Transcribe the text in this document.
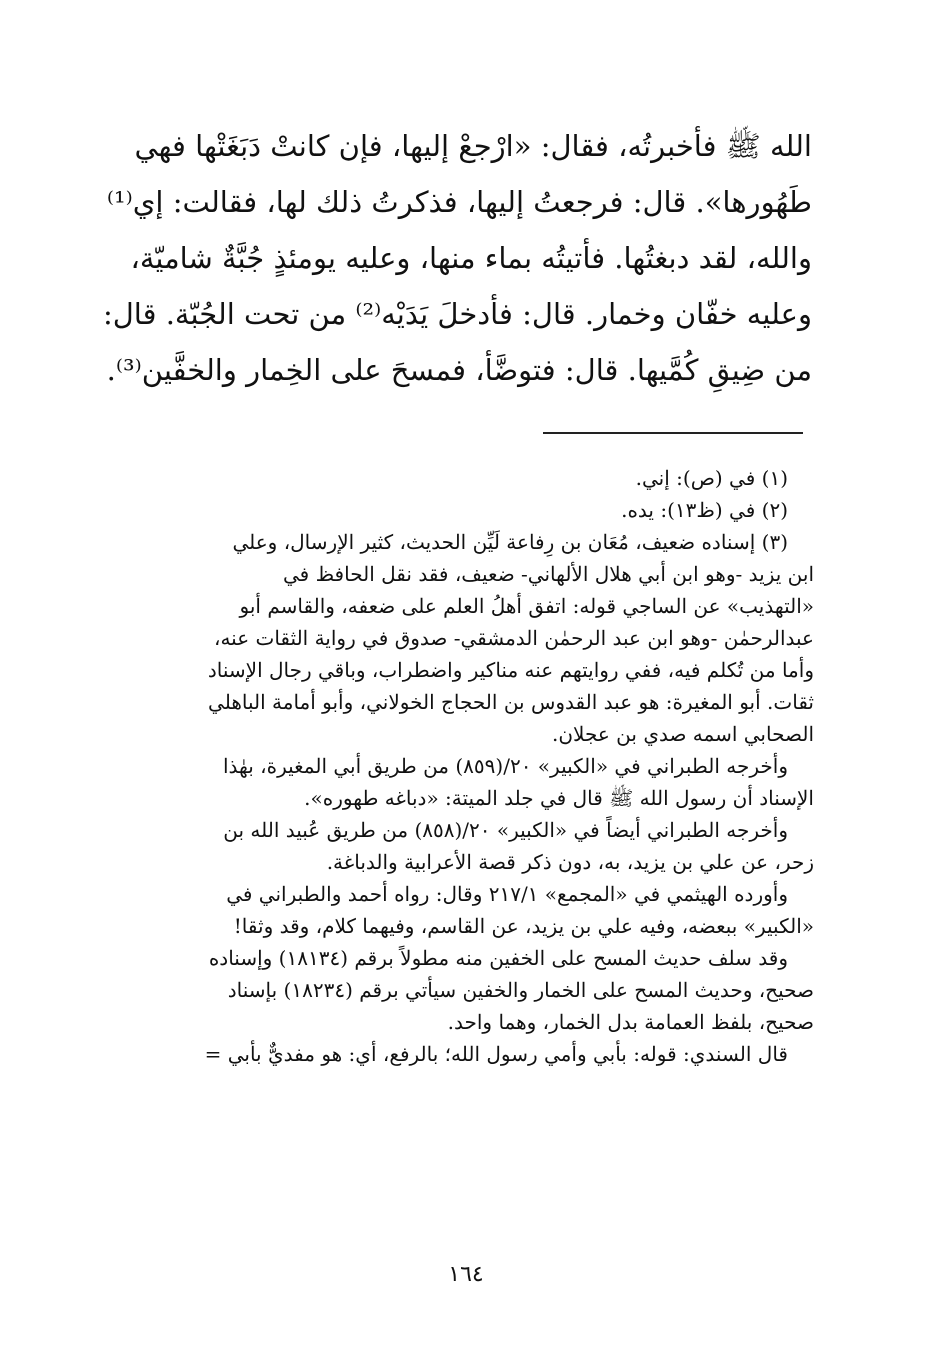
الله ﷺ فأخبرتُه، فقال: «ارْجعْ إليها، فإن كانتْ دَبَغَتْها فهي
طَهُورها». قال: فرجعتُ إليها، فذكرتُ ذلك لها، فقالت: إي⁽¹⁾
والله، لقد دبغتُها. فأتيتُه بماء منها، وعليه يومئذٍ جُبَّةٌ شاميّة،
وعليه خفّان وخمار. قال: فأدخلَ يَدَيْه⁽²⁾ من تحت الجُبّة. قال:
من ضِيقِ كُمَّيها. قال: فتوضَّأ، فمسحَ على الخِمار والخفَّين⁽³⁾.
(١) في (ص): إني.
(٢) في (ظ١٣): يده.
(٣) إسناده ضعيف، مُعَان بن رِفاعة لَيِّن الحديث، كثير الإرسال، وعلي
ابن يزيد -وهو ابن أبي هلال الألهاني- ضعيف، فقد نقل الحافظ في
«التهذيب» عن الساجي قوله: اتفق أهلُ العلم على ضعفه، والقاسم أبو
عبدالرحمٰن -وهو ابن عبد الرحمٰن الدمشقي- صدوق في رواية الثقات عنه،
وأما من تُكلم فيه، ففي روايتهم عنه مناكير واضطراب، وباقي رجال الإسناد
ثقات. أبو المغيرة: هو عبد القدوس بن الحجاج الخولاني، وأبو أمامة الباهلي
الصحابي اسمه صدي بن عجلان.
وأخرجه الطبراني في «الكبير» ٢٠/(٨٥٩) من طريق أبي المغيرة، بهٰذا
الإسناد أن رسول الله ﷺ قال في جلد الميتة: «دباغه طهوره».
وأخرجه الطبراني أيضاً في «الكبير» ٢٠/(٨٥٨) من طريق عُبيد الله بن
زحر، عن علي بن يزيد، به، دون ذكر قصة الأعرابية والدباغة.
وأورده الهيثمي في «المجمع» ٢١٧/١ وقال: رواه أحمد والطبراني في
«الكبير» ببعضه، وفيه علي بن يزيد، عن القاسم، وفيهما كلام، وقد وثقا!
وقد سلف حديث المسح على الخفين منه مطولاً برقم (١٨١٣٤) وإسناده
صحيح، وحديث المسح على الخمار والخفين سيأتي برقم (١٨٢٣٤) بإسناد
صحيح، بلفظ العمامة بدل الخمار، وهما واحد.
قال السندي: قوله: بأبي وأمي رسول الله؛ بالرفع، أي: هو مفديٌّ بأبي =
١٦٤
